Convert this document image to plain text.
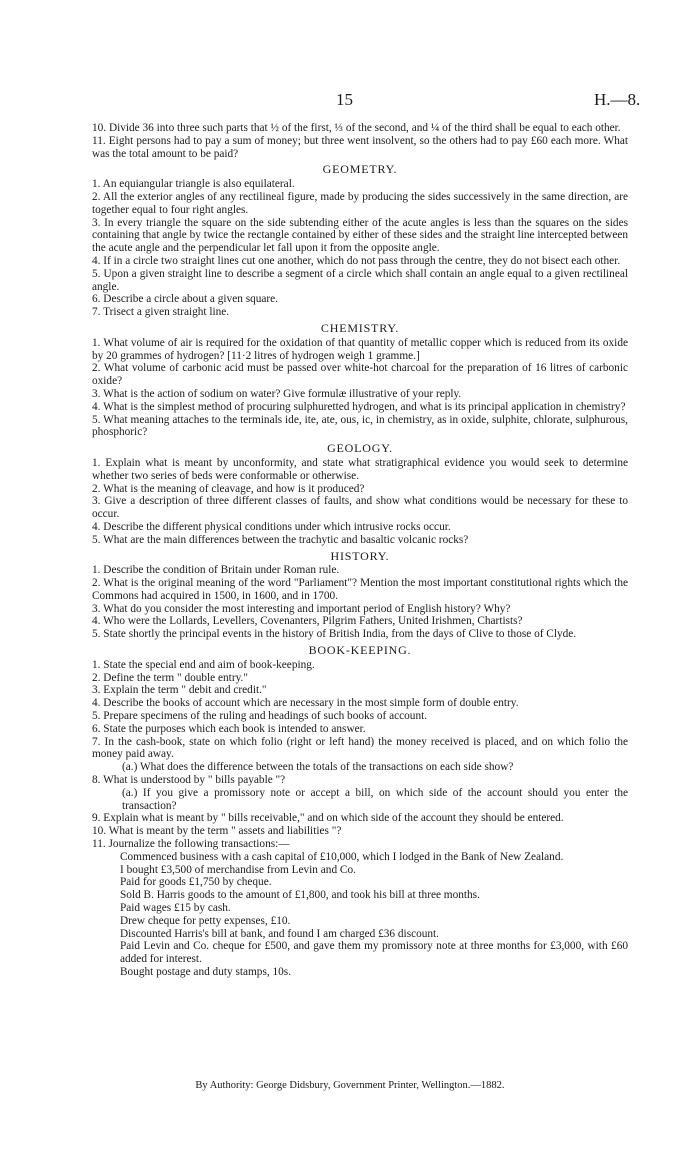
15	H.—8.

10. Divide 36 into three such parts that ½ of the first, ⅓ of the second, and ¼ of the third shall be equal to each other.

11. Eight persons had to pay a sum of money; but three went insolvent, so the others had to pay £60 each more. What was the total amount to be paid?

GEOMETRY.

1. An equiangular triangle is also equilateral.

2. All the exterior angles of any rectilineal figure, made by producing the sides successively in the same direction, are together equal to four right angles.

3. In every triangle the square on the side subtending either of the acute angles is less than the squares on the sides containing that angle by twice the rectangle contained by either of these sides and the straight line intercepted between the acute angle and the perpendicular let fall upon it from the opposite angle.

4. If in a circle two straight lines cut one another, which do not pass through the centre, they do not bisect each other.

5. Upon a given straight line to describe a segment of a circle which shall contain an angle equal to a given rectilineal angle.

6. Describe a circle about a given square.

7. Trisect a given straight line.

CHEMISTRY.

1. What volume of air is required for the oxidation of that quantity of metallic copper which is reduced from its oxide by 20 grammes of hydrogen? [11·2 litres of hydrogen weigh 1 gramme.]

2. What volume of carbonic acid must be passed over white-hot charcoal for the preparation of 16 litres of carbonic oxide?

3. What is the action of sodium on water? Give formulæ illustrative of your reply.

4. What is the simplest method of procuring sulphuretted hydrogen, and what is its principal application in chemistry?

5. What meaning attaches to the terminals ide, ite, ate, ous, ic, in chemistry, as in oxide, sulphite, chlorate, sulphurous, phosphoric?

GEOLOGY.

1. Explain what is meant by unconformity, and state what stratigraphical evidence you would seek to determine whether two series of beds were conformable or otherwise.

2. What is the meaning of cleavage, and how is it produced?

3. Give a description of three different classes of faults, and show what conditions would be necessary for these to occur.

4. Describe the different physical conditions under which intrusive rocks occur.

5. What are the main differences between the trachytic and basaltic volcanic rocks?

HISTORY.

1. Describe the condition of Britain under Roman rule.

2. What is the original meaning of the word "Parliament"? Mention the most important constitutional rights which the Commons had acquired in 1500, in 1600, and in 1700.

3. What do you consider the most interesting and important period of English history? Why?

4. Who were the Lollards, Levellers, Covenanters, Pilgrim Fathers, United Irishmen, Chartists?

5. State shortly the principal events in the history of British India, from the days of Clive to those of Clyde.

BOOK-KEEPING.

1. State the special end and aim of book-keeping.

2. Define the term " double entry."

3. Explain the term " debit and credit."

4. Describe the books of account which are necessary in the most simple form of double entry.

5. Prepare specimens of the ruling and headings of such books of account.

6. State the purposes which each book is intended to answer.

7. In the cash-book, state on which folio (right or left hand) the money received is placed, and on which folio the money paid away.

(a.) What does the difference between the totals of the transactions on each side show?

8. What is understood by " bills payable "?

(a.) If you give a promissory note or accept a bill, on which side of the account should you enter the transaction?

9. Explain what is meant by " bills receivable," and on which side of the account they should be entered.

10. What is meant by the term " assets and liabilities "?

11. Journalize the following transactions:—

Commenced business with a cash capital of £10,000, which I lodged in the Bank of New Zealand.

I bought £3,500 of merchandise from Levin and Co.

Paid for goods £1,750 by cheque.

Sold B. Harris goods to the amount of £1,800, and took his bill at three months.

Paid wages £15 by cash.

Drew cheque for petty expenses, £10.

Discounted Harris's bill at bank, and found I am charged £36 discount.

Paid Levin and Co. cheque for £500, and gave them my promissory note at three months for £3,000, with £60 added for interest.

Bought postage and duty stamps, 10s.

By Authority: George Didsbury, Government Printer, Wellington.—1882.
